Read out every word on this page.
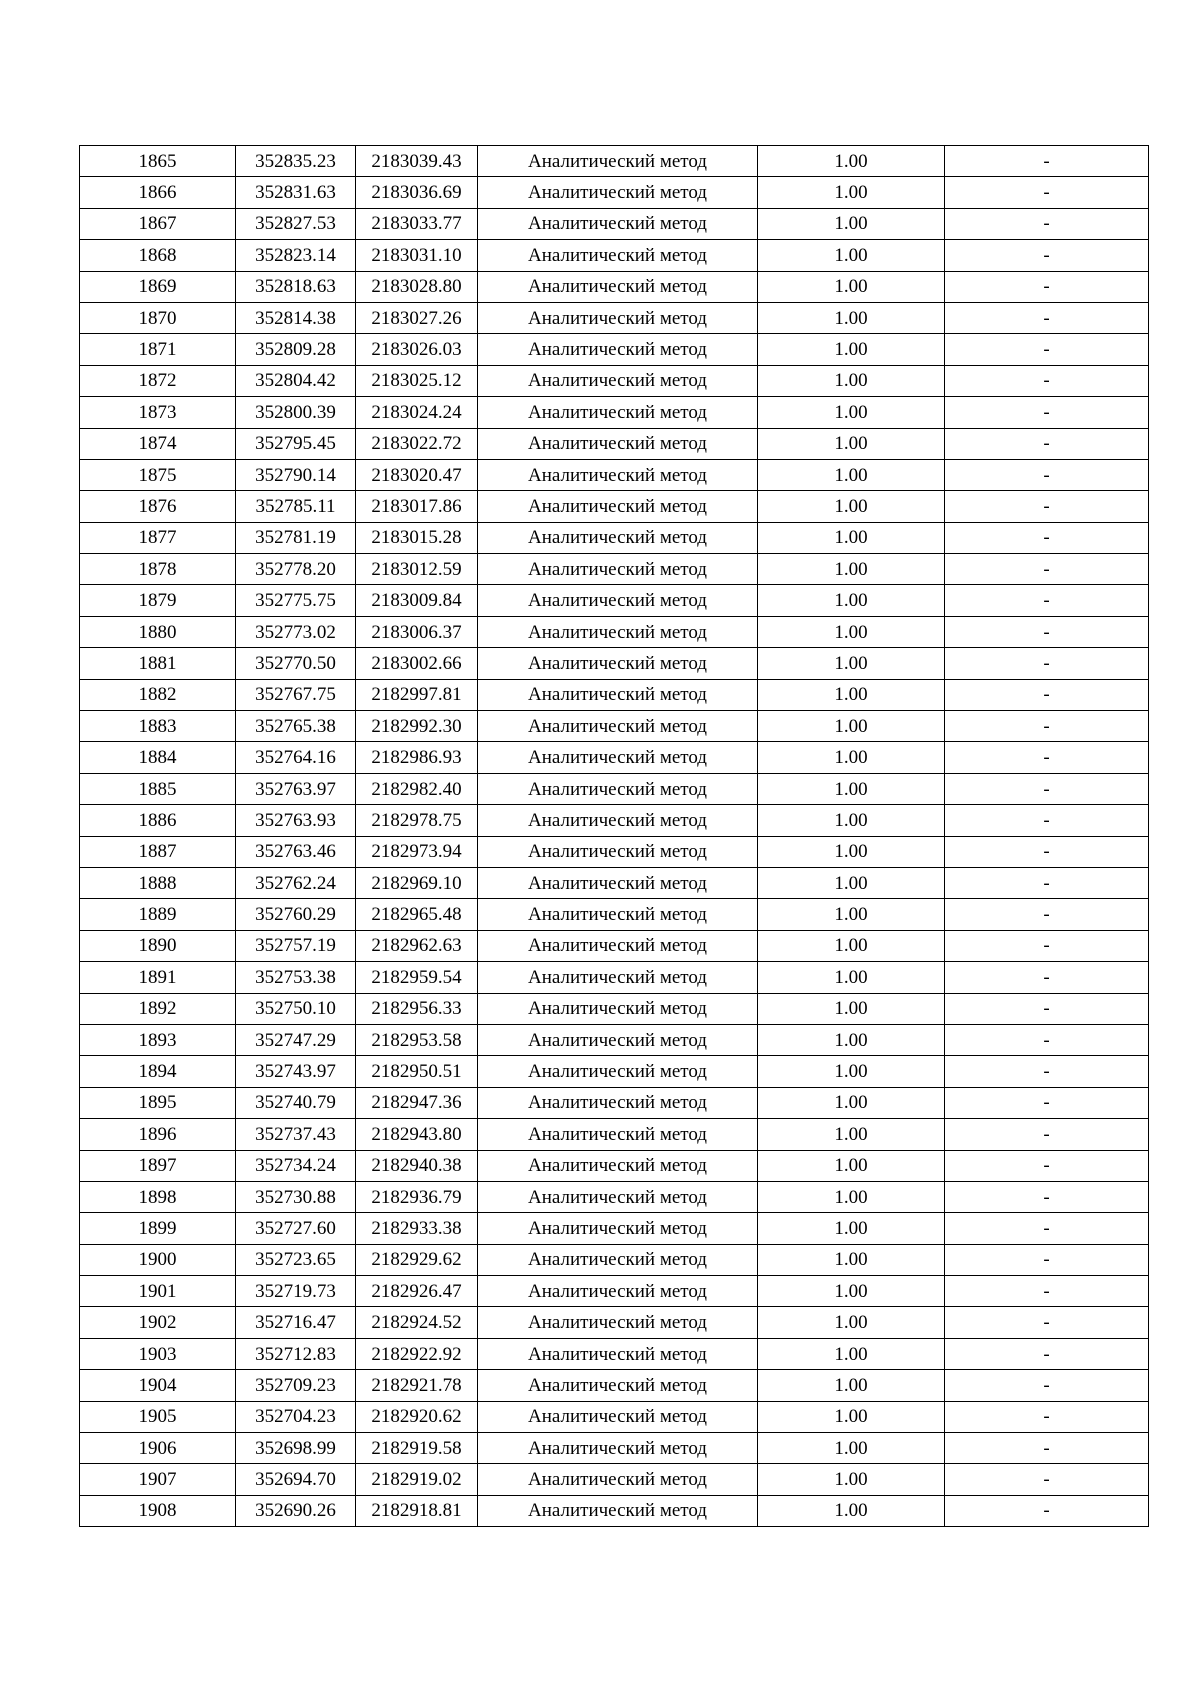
1865	352835.23	2183039.43	Аналитический метод	1.00	-
1866	352831.63	2183036.69	Аналитический метод	1.00	-
1867	352827.53	2183033.77	Аналитический метод	1.00	-
1868	352823.14	2183031.10	Аналитический метод	1.00	-
1869	352818.63	2183028.80	Аналитический метод	1.00	-
1870	352814.38	2183027.26	Аналитический метод	1.00	-
1871	352809.28	2183026.03	Аналитический метод	1.00	-
1872	352804.42	2183025.12	Аналитический метод	1.00	-
1873	352800.39	2183024.24	Аналитический метод	1.00	-
1874	352795.45	2183022.72	Аналитический метод	1.00	-
1875	352790.14	2183020.47	Аналитический метод	1.00	-
1876	352785.11	2183017.86	Аналитический метод	1.00	-
1877	352781.19	2183015.28	Аналитический метод	1.00	-
1878	352778.20	2183012.59	Аналитический метод	1.00	-
1879	352775.75	2183009.84	Аналитический метод	1.00	-
1880	352773.02	2183006.37	Аналитический метод	1.00	-
1881	352770.50	2183002.66	Аналитический метод	1.00	-
1882	352767.75	2182997.81	Аналитический метод	1.00	-
1883	352765.38	2182992.30	Аналитический метод	1.00	-
1884	352764.16	2182986.93	Аналитический метод	1.00	-
1885	352763.97	2182982.40	Аналитический метод	1.00	-
1886	352763.93	2182978.75	Аналитический метод	1.00	-
1887	352763.46	2182973.94	Аналитический метод	1.00	-
1888	352762.24	2182969.10	Аналитический метод	1.00	-
1889	352760.29	2182965.48	Аналитический метод	1.00	-
1890	352757.19	2182962.63	Аналитический метод	1.00	-
1891	352753.38	2182959.54	Аналитический метод	1.00	-
1892	352750.10	2182956.33	Аналитический метод	1.00	-
1893	352747.29	2182953.58	Аналитический метод	1.00	-
1894	352743.97	2182950.51	Аналитический метод	1.00	-
1895	352740.79	2182947.36	Аналитический метод	1.00	-
1896	352737.43	2182943.80	Аналитический метод	1.00	-
1897	352734.24	2182940.38	Аналитический метод	1.00	-
1898	352730.88	2182936.79	Аналитический метод	1.00	-
1899	352727.60	2182933.38	Аналитический метод	1.00	-
1900	352723.65	2182929.62	Аналитический метод	1.00	-
1901	352719.73	2182926.47	Аналитический метод	1.00	-
1902	352716.47	2182924.52	Аналитический метод	1.00	-
1903	352712.83	2182922.92	Аналитический метод	1.00	-
1904	352709.23	2182921.78	Аналитический метод	1.00	-
1905	352704.23	2182920.62	Аналитический метод	1.00	-
1906	352698.99	2182919.58	Аналитический метод	1.00	-
1907	352694.70	2182919.02	Аналитический метод	1.00	-
1908	352690.26	2182918.81	Аналитический метод	1.00	-
